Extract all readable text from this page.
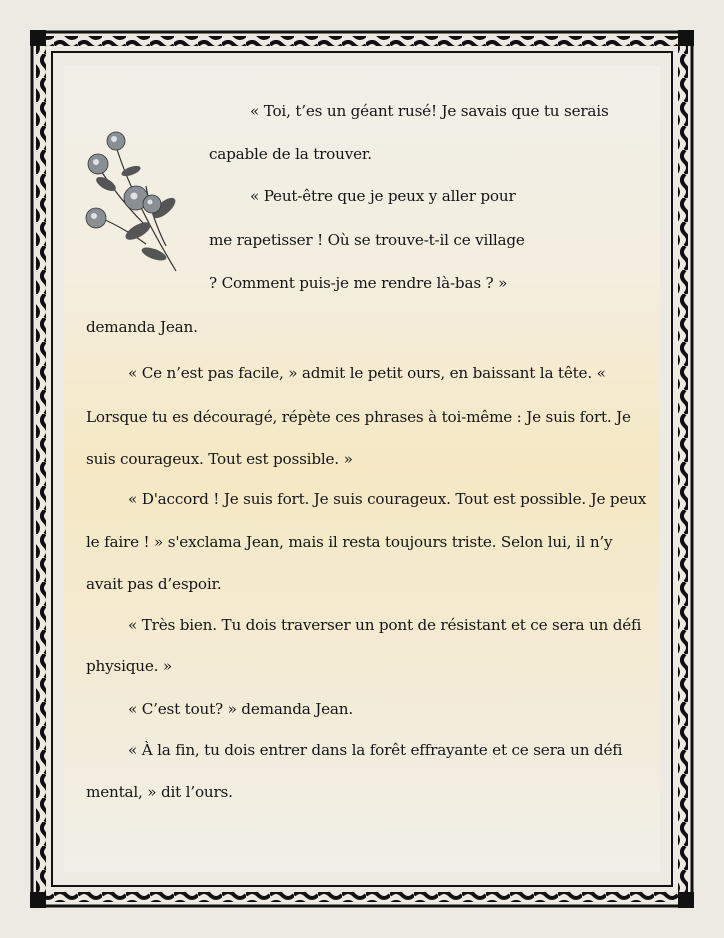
« Toi, t’es un géant rusé! Je savais que tu serais
capable de la trouver.
« Peut-être que je peux y aller pour
me rapetisser ! Où se trouve-t-il ce village
? Comment puis-je me rendre là-bas ? »
demanda Jean.
« Ce n’est pas facile, » admit le petit ours, en baissant la tête. «
Lorsque tu es découragé, répète ces phrases à toi-même : Je suis fort. Je
suis courageux. Tout est possible. »
« D'accord ! Je suis fort. Je suis courageux. Tout est possible. Je peux
le faire ! » s'exclama Jean, mais il resta toujours triste. Selon lui, il n’y
avait pas d’espoir.
« Très bien. Tu dois traverser un pont de résistant et ce sera un défi
physique. »
« C’est tout? » demanda Jean.
« À la fin, tu dois entrer dans la forêt effrayante et ce sera un défi
mental, » dit l’ours.
